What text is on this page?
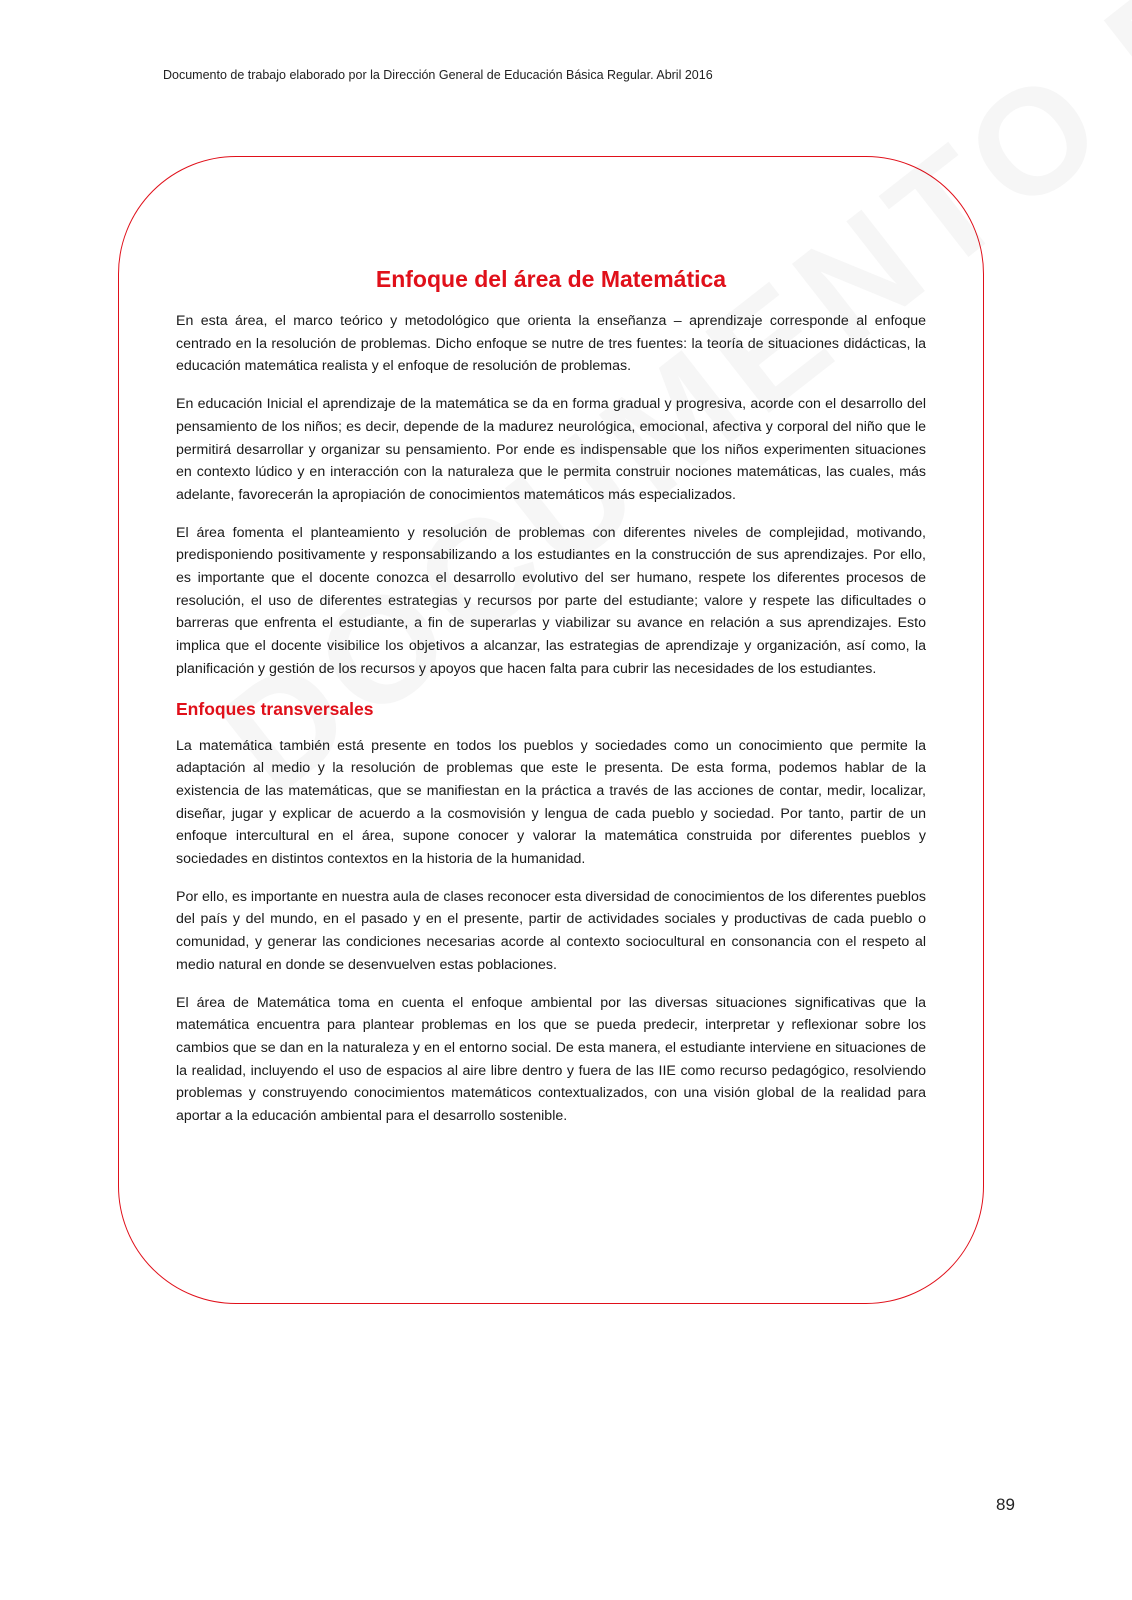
Documento de trabajo elaborado por la Dirección General de Educación Básica Regular. Abril 2016
Enfoque del área de Matemática

En esta área, el marco teórico y metodológico que orienta la enseñanza – aprendizaje corresponde al enfoque centrado en la resolución de problemas. Dicho enfoque se nutre de tres fuentes: la teoría de situaciones didácticas, la educación matemática realista y el enfoque de resolución de problemas.

En educación Inicial el aprendizaje de la matemática se da en forma gradual y progresiva, acorde con el desarrollo del pensamiento de los niños; es decir, depende de la madurez neurológica, emocional, afectiva y corporal del niño que le permitirá desarrollar y organizar su pensamiento. Por ende es indispensable que los niños experimenten situaciones en contexto lúdico y en interacción con la naturaleza que le permita construir nociones matemáticas, las cuales, más adelante, favorecerán la apropiación de conocimientos matemáticos más especializados.

El área fomenta el planteamiento y resolución de problemas con diferentes niveles de complejidad, motivando, predisponiendo positivamente y responsabilizando a los estudiantes en la construcción de sus aprendizajes. Por ello, es importante que el docente conozca el desarrollo evolutivo del ser humano, respete los diferentes procesos de resolución, el uso de diferentes estrategias y recursos por parte del estudiante; valore y respete las dificultades o barreras que enfrenta el estudiante, a fin de superarlas y viabilizar su avance en relación a sus aprendizajes. Esto implica que el docente visibilice los objetivos a alcanzar, las estrategias de aprendizaje y organización, así como, la planificación y gestión de los recursos y apoyos que hacen falta para cubrir las necesidades de los estudiantes.

Enfoques transversales

La matemática también está presente en todos los pueblos y sociedades como un conocimiento que permite la adaptación al medio y la resolución de problemas que este le presenta. De esta forma, podemos hablar de la existencia de las matemáticas, que se manifiestan en la práctica a través de las acciones de contar, medir, localizar, diseñar, jugar y explicar de acuerdo a la cosmovisión y lengua de cada pueblo y sociedad. Por tanto, partir de un enfoque intercultural en el área, supone conocer y valorar la matemática construida por diferentes pueblos y sociedades en distintos contextos en la historia de la humanidad.

Por ello, es importante en nuestra aula de clases reconocer esta diversidad de conocimientos de los diferentes pueblos del país y del mundo, en el pasado y en el presente, partir de actividades sociales y productivas de cada pueblo o comunidad, y generar las condiciones necesarias acorde al contexto sociocultural en consonancia con el respeto al medio natural en donde se desenvuelven estas poblaciones.

El área de Matemática toma en cuenta el enfoque ambiental por las diversas situaciones significativas que la matemática encuentra para plantear problemas en los que se pueda predecir, interpretar y reflexionar sobre los cambios que se dan en la naturaleza y en el entorno social. De esta manera, el estudiante interviene en situaciones de la realidad, incluyendo el uso de espacios al aire libre dentro y fuera de las IIE como recurso pedagógico, resolviendo problemas y construyendo conocimientos matemáticos contextualizados, con una visión global de la realidad para aportar a la educación ambiental para el desarrollo sostenible.

89
